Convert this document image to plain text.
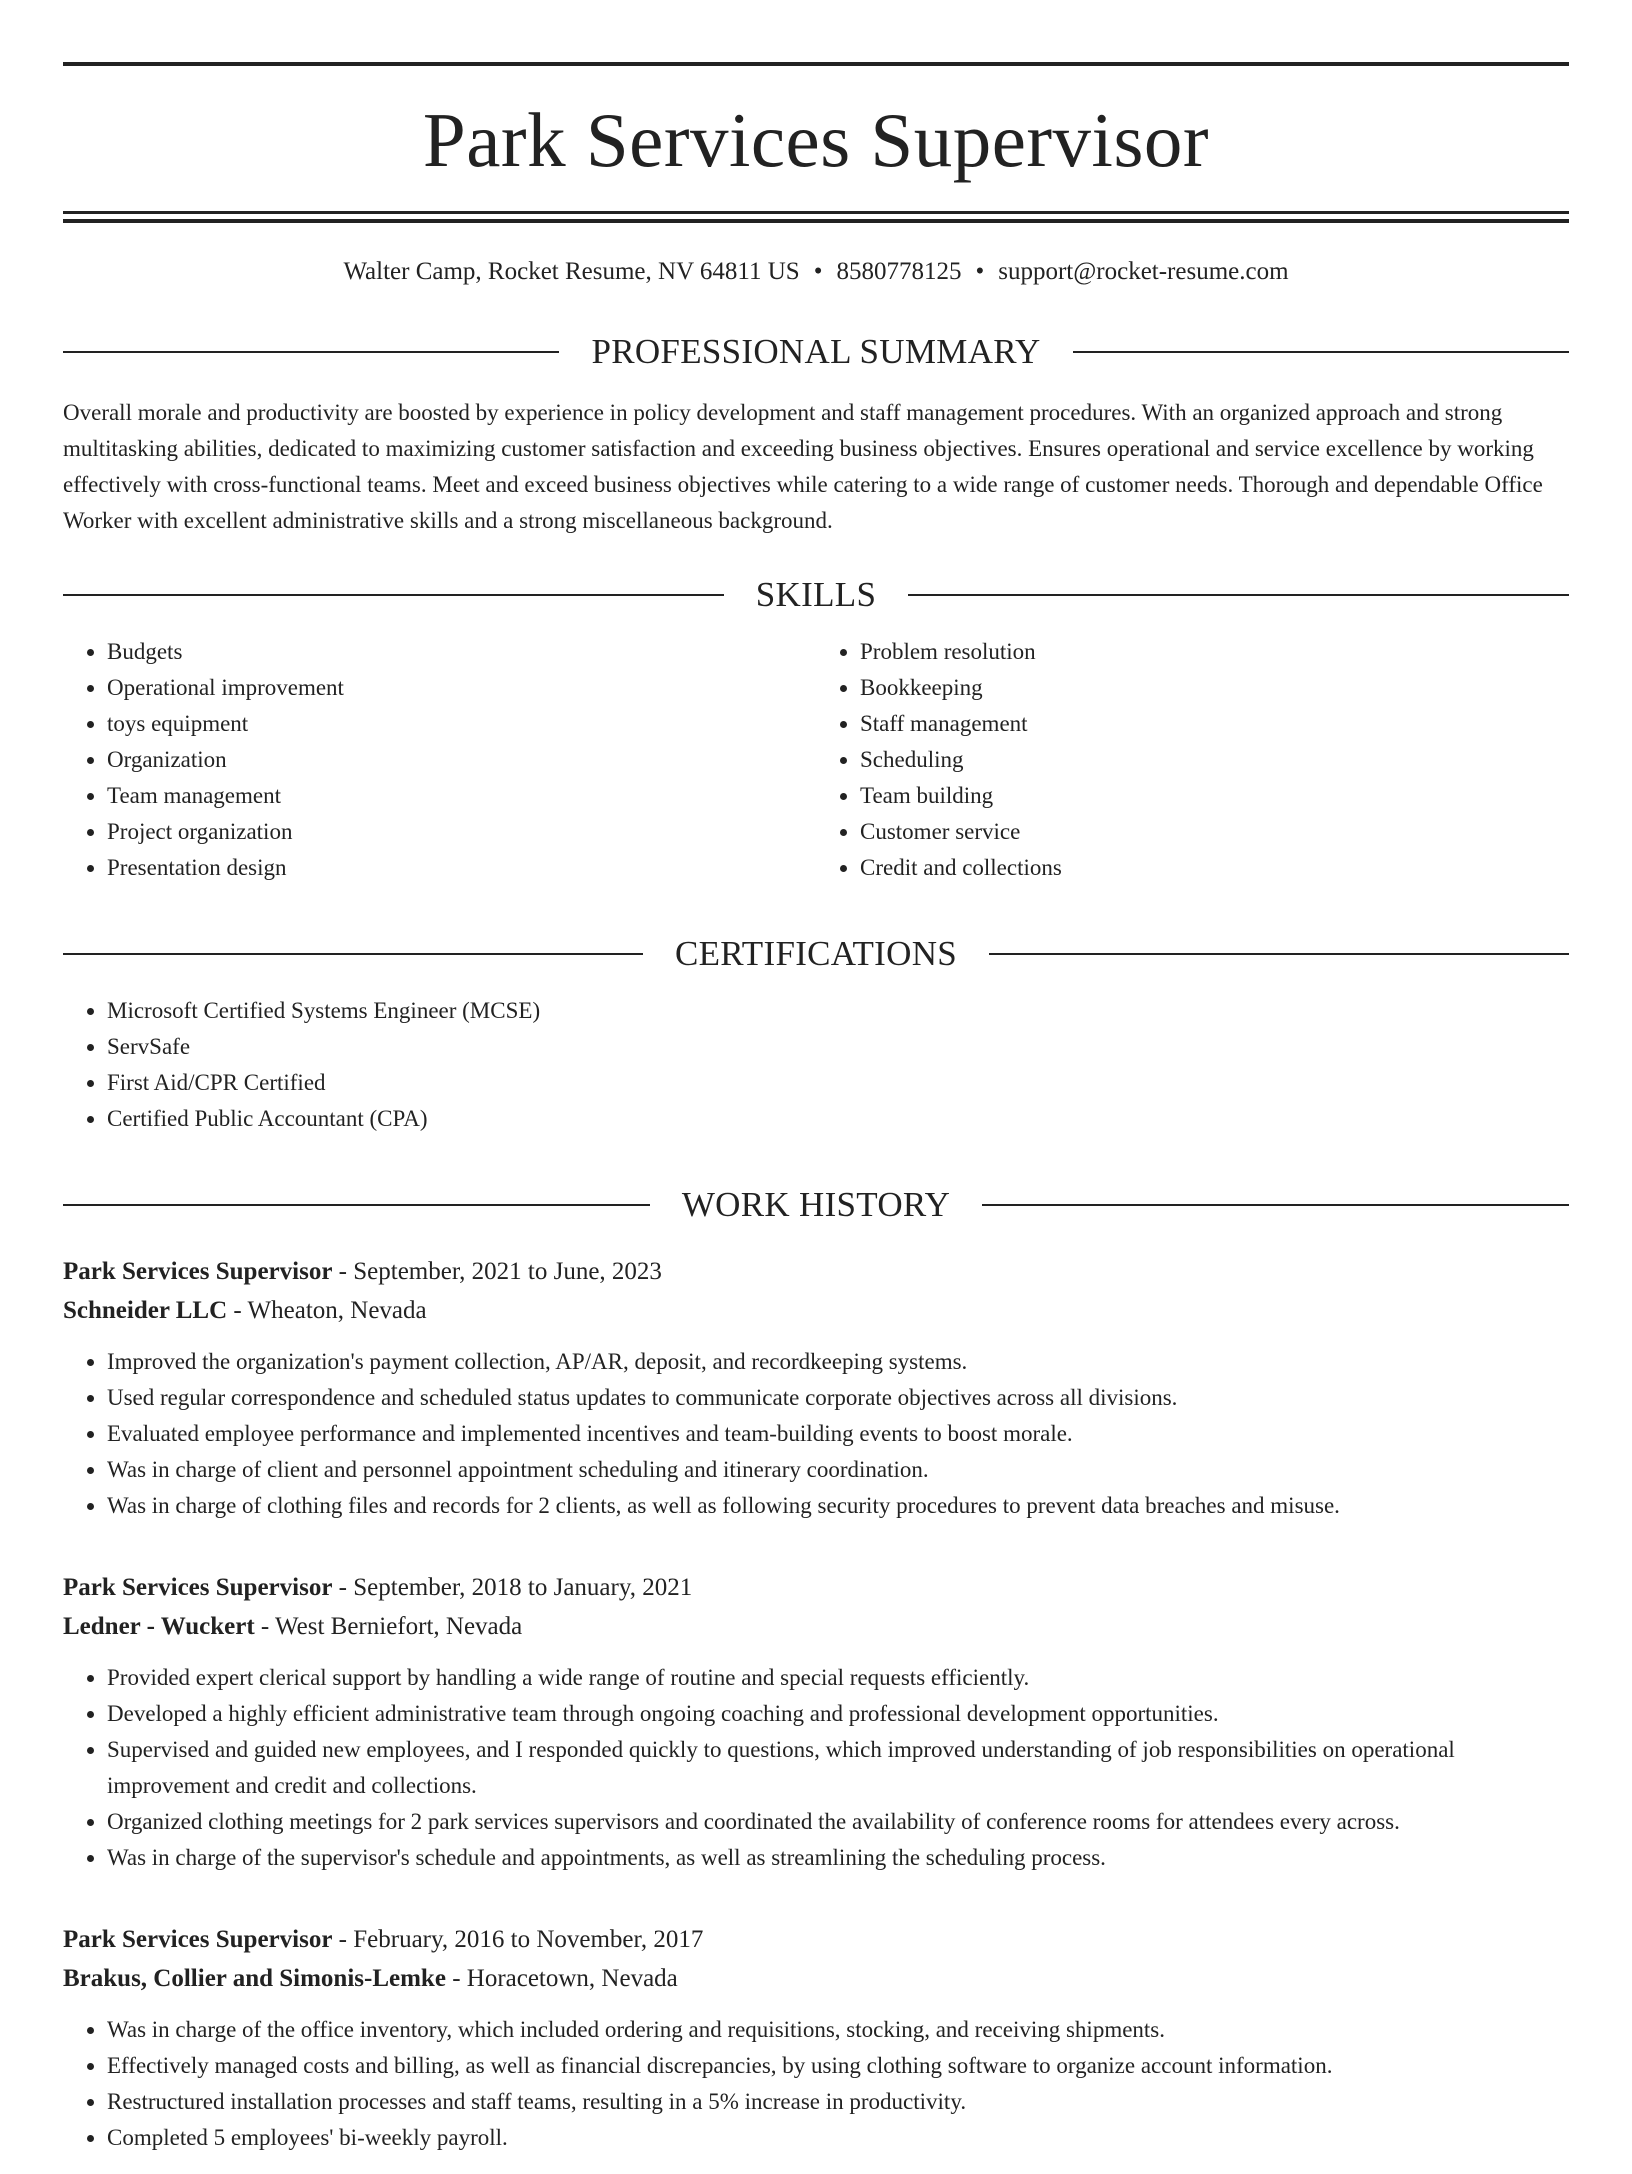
Park Services Supervisor
Walter Camp, Rocket Resume, NV 64811 US • 8580778125 • support@rocket-resume.com
PROFESSIONAL SUMMARY
Overall morale and productivity are boosted by experience in policy development and staff management procedures. With an organized approach and strong multitasking abilities, dedicated to maximizing customer satisfaction and exceeding business objectives. Ensures operational and service excellence by working effectively with cross-functional teams. Meet and exceed business objectives while catering to a wide range of customer needs. Thorough and dependable Office Worker with excellent administrative skills and a strong miscellaneous background.
SKILLS
• Budgets
• Operational improvement
• toys equipment
• Organization
• Team management
• Project organization
• Presentation design
• Problem resolution
• Bookkeeping
• Staff management
• Scheduling
• Team building
• Customer service
• Credit and collections
CERTIFICATIONS
• Microsoft Certified Systems Engineer (MCSE)
• ServSafe
• First Aid/CPR Certified
• Certified Public Accountant (CPA)
WORK HISTORY
Park Services Supervisor - September, 2021 to June, 2023
Schneider LLC - Wheaton, Nevada
• Improved the organization's payment collection, AP/AR, deposit, and recordkeeping systems.
• Used regular correspondence and scheduled status updates to communicate corporate objectives across all divisions.
• Evaluated employee performance and implemented incentives and team-building events to boost morale.
• Was in charge of client and personnel appointment scheduling and itinerary coordination.
• Was in charge of clothing files and records for 2 clients, as well as following security procedures to prevent data breaches and misuse.
Park Services Supervisor - September, 2018 to January, 2021
Ledner - Wuckert - West Berniefort, Nevada
• Provided expert clerical support by handling a wide range of routine and special requests efficiently.
• Developed a highly efficient administrative team through ongoing coaching and professional development opportunities.
• Supervised and guided new employees, and I responded quickly to questions, which improved understanding of job responsibilities on operational improvement and credit and collections.
• Organized clothing meetings for 2 park services supervisors and coordinated the availability of conference rooms for attendees every across.
• Was in charge of the supervisor's schedule and appointments, as well as streamlining the scheduling process.
Park Services Supervisor - February, 2016 to November, 2017
Brakus, Collier and Simonis-Lemke - Horacetown, Nevada
• Was in charge of the office inventory, which included ordering and requisitions, stocking, and receiving shipments.
• Effectively managed costs and billing, as well as financial discrepancies, by using clothing software to organize account information.
• Restructured installation processes and staff teams, resulting in a 5% increase in productivity.
• Completed 5 employees' bi-weekly payroll.
